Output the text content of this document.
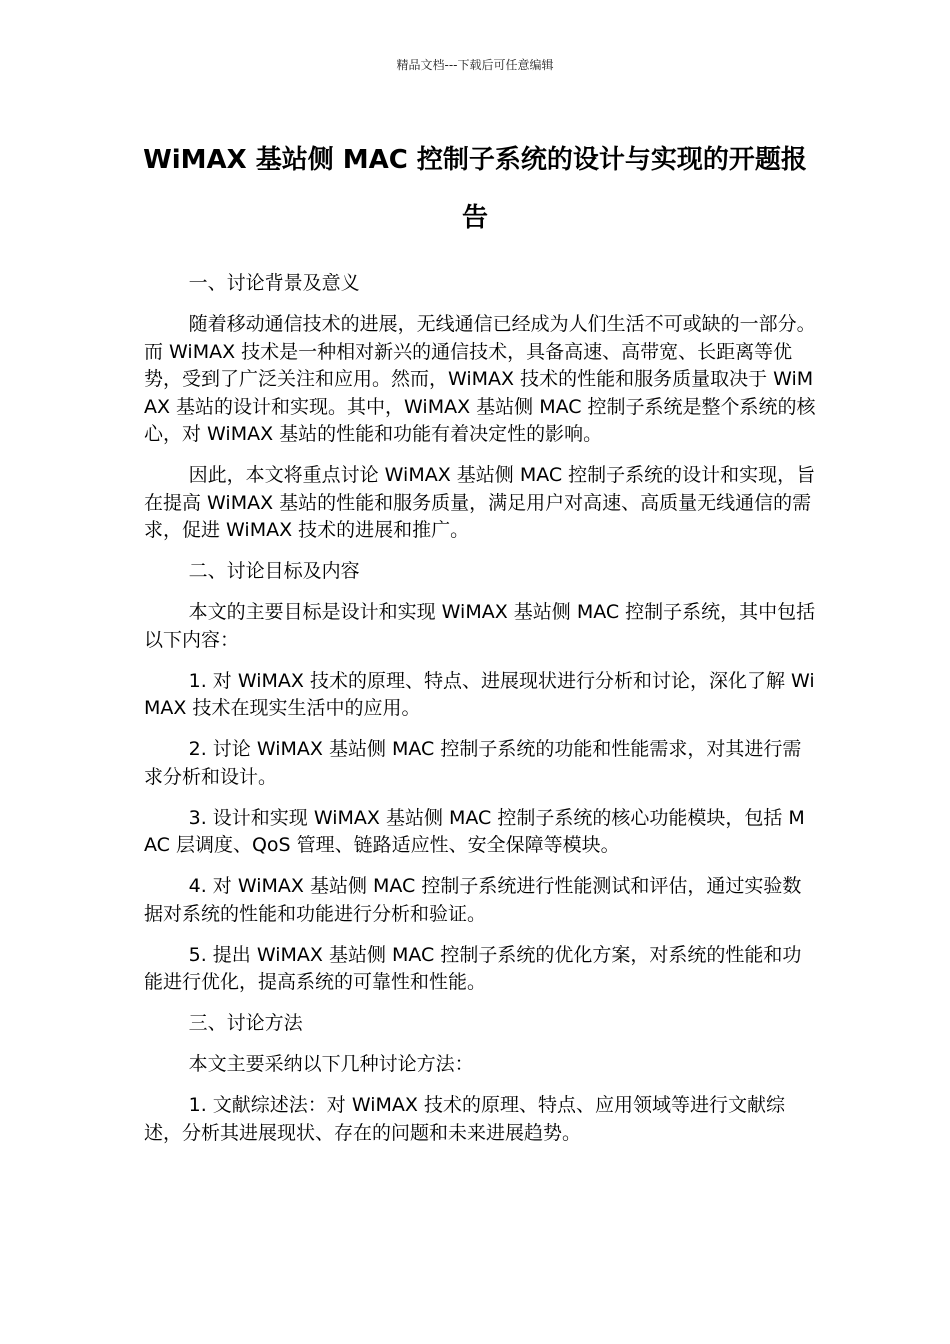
精品文档---下载后可任意编辑
WiMAX 基站侧 MAC 控制子系统的设计与实现的开题报告

一、讨论背景及意义

随着移动通信技术的进展，无线通信已经成为人们生活不可或缺的一部分。而 WiMAX 技术是一种相对新兴的通信技术，具备高速、高带宽、长距离等优势，受到了广泛关注和应用。然而，WiMAX 技术的性能和服务质量取决于 WiMAX 基站的设计和实现。其中，WiMAX 基站侧 MAC 控制子系统是整个系统的核心，对 WiMAX 基站的性能和功能有着决定性的影响。

因此，本文将重点讨论 WiMAX 基站侧 MAC 控制子系统的设计和实现，旨在提高 WiMAX 基站的性能和服务质量，满足用户对高速、高质量无线通信的需求，促进 WiMAX 技术的进展和推广。

二、讨论目标及内容

本文的主要目标是设计和实现 WiMAX 基站侧 MAC 控制子系统，其中包括以下内容：

1. 对 WiMAX 技术的原理、特点、进展现状进行分析和讨论，深化了解 WiMAX 技术在现实生活中的应用。

2. 讨论 WiMAX 基站侧 MAC 控制子系统的功能和性能需求，对其进行需求分析和设计。

3. 设计和实现 WiMAX 基站侧 MAC 控制子系统的核心功能模块，包括 MAC 层调度、QoS 管理、链路适应性、安全保障等模块。

4. 对 WiMAX 基站侧 MAC 控制子系统进行性能测试和评估，通过实验数据对系统的性能和功能进行分析和验证。

5. 提出 WiMAX 基站侧 MAC 控制子系统的优化方案，对系统的性能和功能进行优化，提高系统的可靠性和性能。

三、讨论方法

本文主要采纳以下几种讨论方法：

1. 文献综述法：对 WiMAX 技术的原理、特点、应用领域等进行文献综述，分析其进展现状、存在的问题和未来进展趋势。
